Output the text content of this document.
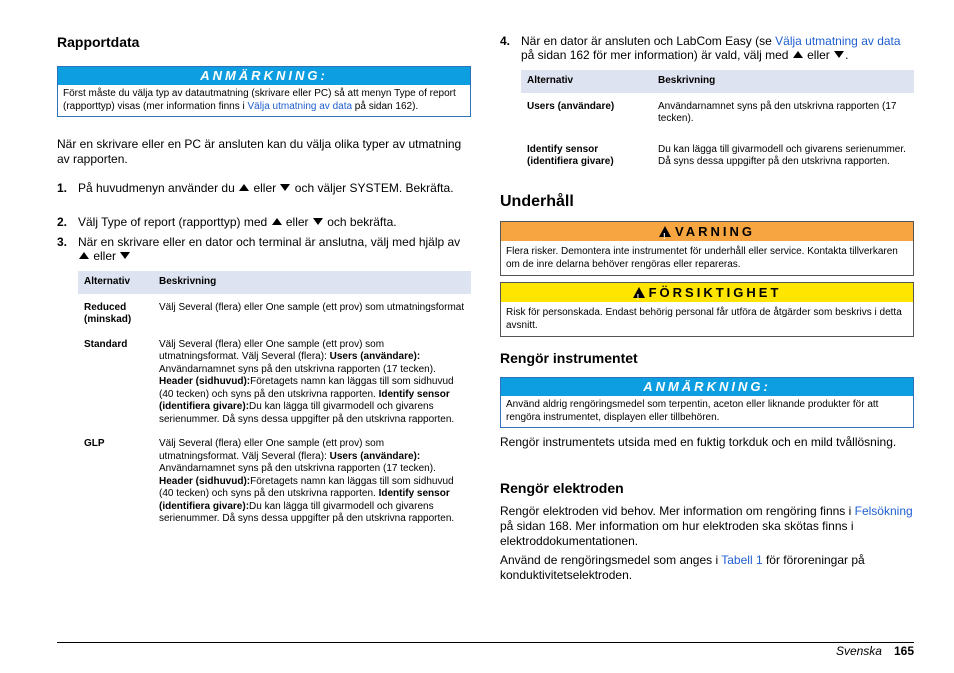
Rapportdata
ANMÄRKNING:
Först måste du välja typ av datautmatning (skrivare eller PC) så att menyn Type of report (rapporttyp) visas (mer information finns i Välja utmatning av data på sidan 162).

När en skrivare eller en PC är ansluten kan du välja olika typer av utmatning av rapporten.

1. På huvudmenyn använder du  eller  och väljer SYSTEM. Bekräfta.
2. Välj Type of report (rapporttyp) med  eller  och bekräfta.
3. När en skrivare eller en dator och terminal är anslutna, välj med hjälp av  eller
Alternativ	Beskrivning
Reduced
(minskad)	Välj Several (flera) eller One sample (ett prov) som utmatningsformat
Standard	Välj Several (flera) eller One sample (ett prov) som utmatningsformat. Välj Several (flera): Users (användare): Användarnamnet syns på den utskrivna rapporten (17 tecken). Header (sidhuvud):Företagets namn kan läggas till som sidhuvud (40 tecken) och syns på den utskrivna rapporten. Identify sensor (identifiera givare):Du kan lägga till givarmodell och givarens serienummer. Då syns dessa uppgifter på den utskrivna rapporten.
GLP	Välj Several (flera) eller One sample (ett prov) som utmatningsformat. Välj Several (flera): Users (användare): Användarnamnet syns på den utskrivna rapporten (17 tecken). Header (sidhuvud):Företagets namn kan läggas till som sidhuvud (40 tecken) och syns på den utskrivna rapporten. Identify sensor (identifiera givare):Du kan lägga till givarmodell och givarens serienummer. Då syns dessa uppgifter på den utskrivna rapporten.
4. När en dator är ansluten och LabCom Easy (se Välja utmatning av data på sidan 162 för mer information) är vald, välj med  eller .
Alternativ	Beskrivning
Users (användare)	Användarnamnet syns på den utskrivna rapporten (17 tecken).
Identify sensor
(identifiera givare)	Du kan lägga till givarmodell och givarens serienummer. Då syns dessa uppgifter på den utskrivna rapporten.
Underhåll
!VARNING
Flera risker. Demontera inte instrumentet för underhåll eller service. Kontakta tillverkaren om de inre delarna behöver rengöras eller repareras.
!FÖRSIKTIGHET
Risk för personskada. Endast behörig personal får utföra de åtgärder som beskrivs i detta avsnitt.
Rengör instrumentet
ANMÄRKNING:
Använd aldrig rengöringsmedel som terpentin, aceton eller liknande produkter för att rengöra instrumentet, displayen eller tillbehören.

Rengör instrumentets utsida med en fuktig torkduk och en mild tvållösning.

Rengör elektroden

Rengör elektroden vid behov. Mer information om rengöring finns i Felsökning på sidan 168. Mer information om hur elektroden ska skötas finns i elektroddokumentationen.

Använd de rengöringsmedel som anges i Tabell 1 för föroreningar på konduktivitetselektroden.

Svenska 165
